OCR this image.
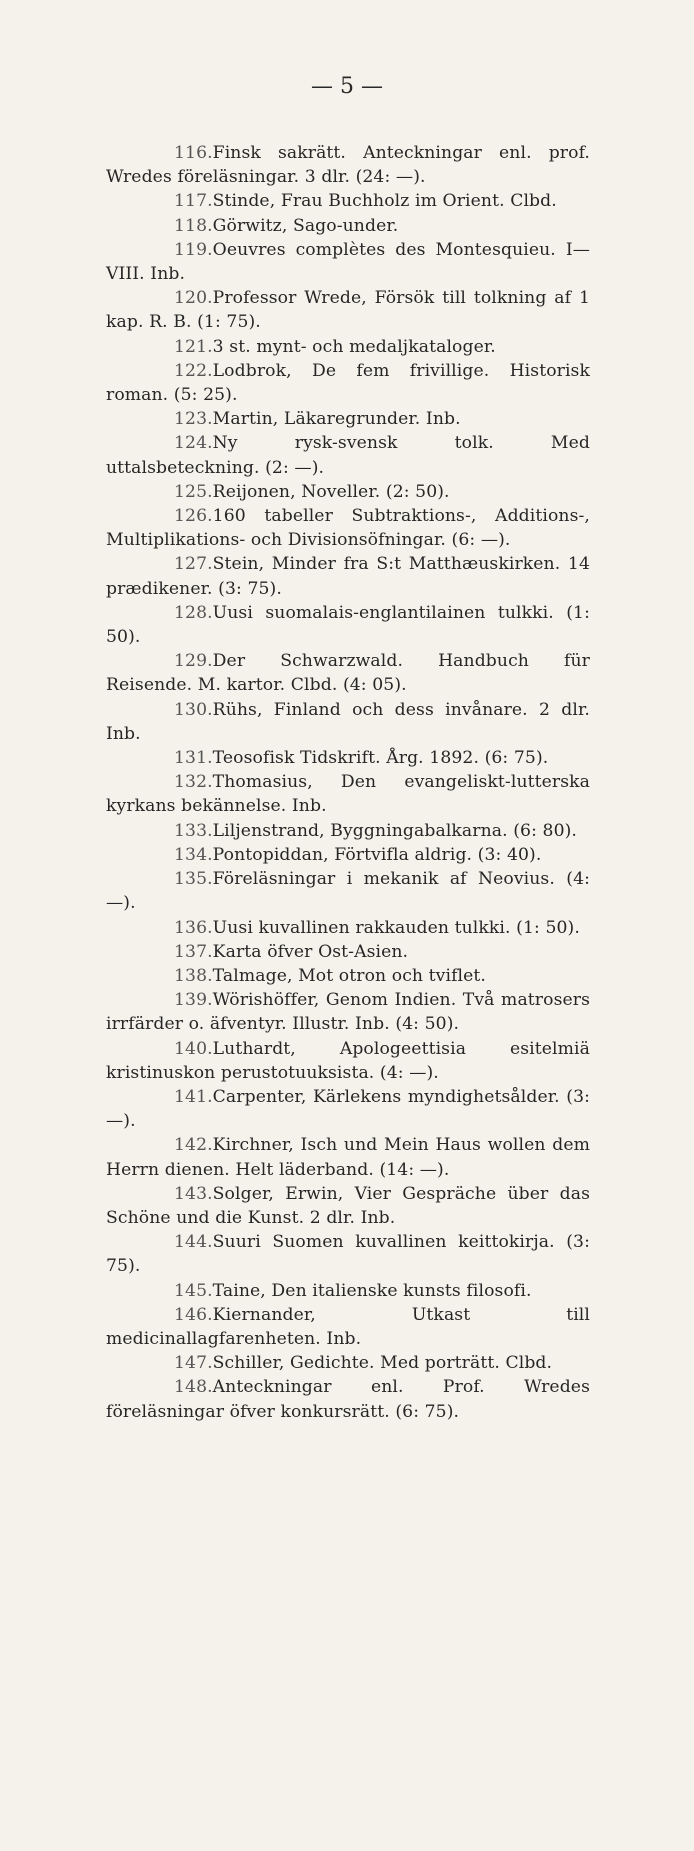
— 5 —

116.Finsk sakrätt. Anteckningar enl. prof. Wredes föreläsningar. 3 dlr. (24: —).

117.Stinde, Frau Buchholz im Orient. Clbd.

118.Görwitz, Sago-under.

119.Oeuvres complètes des Montesquieu. I—VIII. Inb.

120.Professor Wrede, Försök till tolkning af 1 kap. R. B. (1: 75).

121.3 st. mynt- och medaljkataloger.

122.Lodbrok, De fem frivillige. Historisk roman. (5: 25).

123.Martin, Läkaregrunder. Inb.

124.Ny rysk-svensk tolk. Med uttalsbeteckning. (2: —).

125.Reijonen, Noveller. (2: 50).

126.160 tabeller Subtraktions-, Additions-, Multiplikations- och Divisionsöfningar. (6: —).

127.Stein, Minder fra S:t Matthæuskirken. 14 prædikener. (3: 75).

128.Uusi suomalais-englantilainen tulkki. (1: 50).

129.Der Schwarzwald. Handbuch für Reisende. M. kartor. Clbd. (4: 05).

130.Rühs, Finland och dess invånare. 2 dlr. Inb.

131.Teosofisk Tidskrift. Årg. 1892. (6: 75).

132.Thomasius, Den evangeliskt-lutterska kyrkans bekännelse. Inb.

133.Liljenstrand, Byggningabalkarna. (6: 80).

134.Pontopiddan, Förtvifla aldrig. (3: 40).

135.Föreläsningar i mekanik af Neovius. (4: —).

136.Uusi kuvallinen rakkauden tulkki. (1: 50).

137.Karta öfver Ost-Asien.

138.Talmage, Mot otron och tviflet.

139.Wörishöffer, Genom Indien. Två matrosers irrfärder o. äfventyr. Illustr. Inb. (4: 50).

140.Luthardt, Apologeettisia esitelmiä kristinuskon perustotuuksista. (4: —).

141.Carpenter, Kärlekens myndighetsålder. (3: —).

142.Kirchner, Isch und Mein Haus wollen dem Herrn dienen. Helt läderband. (14: —).

143.Solger, Erwin, Vier Gespräche über das Schöne und die Kunst. 2 dlr. Inb.

144.Suuri Suomen kuvallinen keittokirja. (3: 75).

145.Taine, Den italienske kunsts filosofi.

146.Kiernander, Utkast till medicinallagfarenheten. Inb.

147.Schiller, Gedichte. Med porträtt. Clbd.

148.Anteckningar enl. Prof. Wredes föreläsningar öfver konkursrätt. (6: 75).
